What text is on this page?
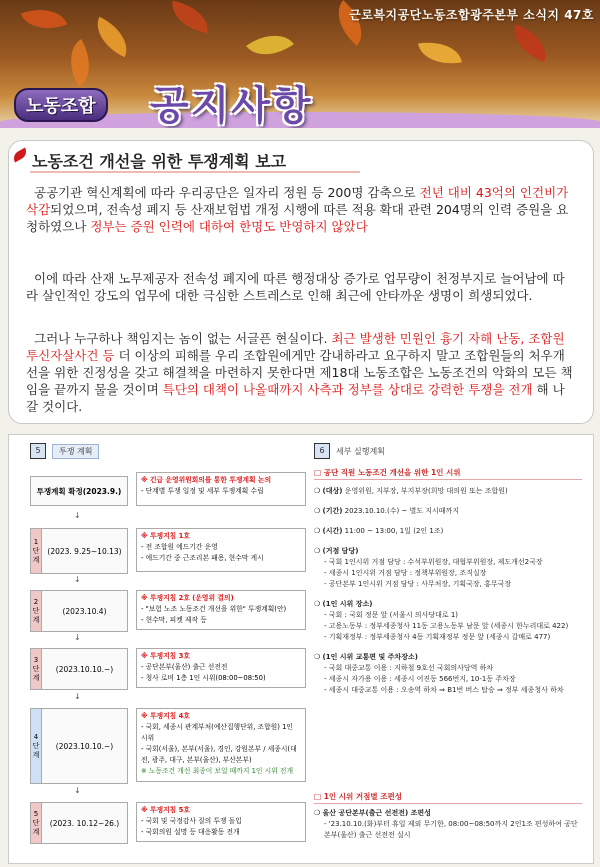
근로복지공단노동조합광주본부 소식지 47호
노동조합	공지사항
노동조건 개선을 위한 투쟁계획 보고
공공기관 혁신계획에 따라 우리공단은 일자리 정원 등 200명 감축으로 전년 대비 43억의 인건비가 삭감되었으며, 전속성 폐지 등 산재보험법 개정 시행에 따른 적용 확대 관련 204명의 인력 증원을 요청하였으나 정부는 증원 인력에 대하여 한명도 반영하지 않았다
이에 따라 산재 노무제공자 전속성 폐지에 따른 행정대상 증가로 업무량이 천정부지로 늘어남에 따라 살인적인 강도의 업무에 대한 극심한 스트레스로 인해 최근에 안타까운 생명이 희생되었다.
그러나 누구하나 책임지는 놈이 없는 서글픈 현실이다. 최근 발생한 민원인 흉기 자해 난동, 조합원 투신자살사건 등 더 이상의 피해를 우리 조합원에게만 감내하라고 요구하지 말고 조합원들의 처우개선을 위한 진정성을 갖고 해결책을 마련하지 못한다면 제18대 노동조합은 노동조건의 악화의 모든 책임을 끝까지 물을 것이며 특단의 대책이 나올때까지 사측과 정부를 상대로 강력한 투쟁을 전개 해 나갈 것이다.
5	투쟁 계획
투쟁계획 확정(2023.9.)
※ 긴급 운영위원회의를 통한 투쟁계획 논의
- 단계별 투쟁 일정 및 세부 투쟁계획 수립
↓
1단계
(2023. 9.25~10.13)
※ 투쟁지침 1호
- 전 조합원 에드기간 운영
- 에드기간 중 근조리본 패용, 현수막 게시
↓
2단계
(2023.10.4)
※ 투쟁지침 2호 (운영위 결의)
- "보험 노조 노동조건 개선을 위한" 투쟁계획(안)
- 현수막, 피켓 제작 등
↓
3단계
(2023.10.10.~)
※ 투쟁지침 3호
- 공단본부(울산) 출근 선전전
- 청사 로비 1층 1인 시위(08:00~08:50)
↓
4단계
(2023.10.10.~)
※ 투쟁지침 4호
- 국회, 세종시 관계부처(예산집행단위, 조합원) 1인 시위
- 국회(서울), 본부(서울), 경인, 강원본부 / 세종시(대전, 광주, 대구, 본부(울산), 부산본부)
※ 노동조건 개선 최종이 보일 때까지 1인 시위 전개
↓
5단계
(2023. 10.12~26.)
※ 투쟁지침 5호
- 국회 및 국정감사 질의 투쟁 돌입
- 국회의원 설명 등 대응활동 전개
6	세부 실행계획
□ 공단 직원 노동조건 개선을 위한 1인 시위
❍ (대상) 운영위원, 지부장, 부지부장(희망 대의원 또는 조합원)
❍ (기간) 2023.10.10.(수) ~ 별도 지시때까지
❍ (시간) 11:00 ~ 13:00, 1일 (2인 1조)
❍ (거점 담당)
- 국회 1인시위 거점 담당 : 수석부위원장, 대협부위원장, 제도개선2국장
- 세종시 1인시위 거점 담당 : 정책부위원장, 조직실장
- 공단본부 1인시위 거점 담당 : 사무처장, 기획국장, 홍무국장
❍ (1인 시위 장소)
- 국회 : 국회 정문 앞 (서울시 의사당대로 1)
- 고용노동부 : 정부세종청사 11동 고용노동부 남문 앞 (세종시 한누리대로 422)
- 기획재정부 : 정부세종청사 4동 기획재정부 정문 앞 (세종시 갈매로 477)
❍ (1인 시위 교통편 및 주차장소)
- 국회 대중교통 이용 : 지하철 9호선 국회의사당역 하차
- 세종시 자가용 이용 : 세종시 어진동 566번지, 10-1동 주차장
- 세종시 대중교통 이용 : 오송역 하차 ⇒ B1번 버스 탑승 ⇒ 정부 세종청사 하차
□ 1인 시위 거점별 조편성
❍ 울산 공단본부(출근 선전전) 조편성
- '23.10.10.(화)부터 휴일 제외 무기한, 08:00~08:50까지 2인1조 편성하여 공단본부(울산) 출근 선전전 실시
